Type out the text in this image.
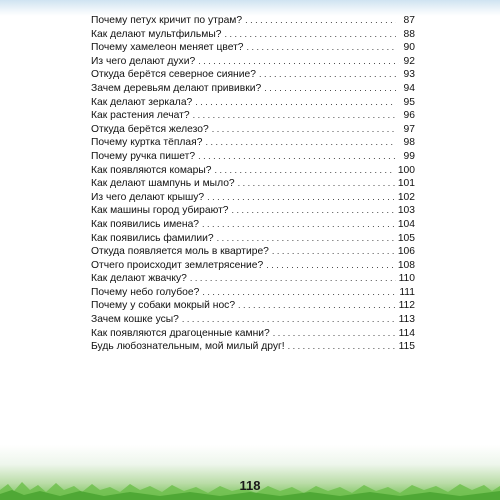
Почему петух кричит по утрам? . . .	87
Как делают мультфильмы? . . .	88
Почему хамелеон меняет цвет? . . .	90
Из чего делают духи? . . .	92
Откуда берётся северное сияние? . . .	93
Зачем деревьям делают прививки? . . .	94
Как делают зеркала? . . .	95
Как растения лечат? . . .	96
Откуда берётся железо? . . .	97
Почему куртка тёплая? . . .	98
Почему ручка пишет? . . .	99
Как появляются комары? . . .	100
Как делают шампунь и мыло? . . .	101
Из чего делают крышу? . . .	102
Как машины город убирают? . . .	103
Как появились имена? . . .	104
Как появились фамилии? . . .	105
Откуда появляется моль в квартире? . . .	106
Отчего происходит землетрясение? . . .	108
Как делают жвачку? . . .	110
Почему небо голубое? . . .	111
Почему у собаки мокрый нос? . . .	112
Зачем кошке усы? . . .	113
Как появляются драгоценные камни? . . .	114
Будь любознательным, мой милый друг! . . .	115
118
